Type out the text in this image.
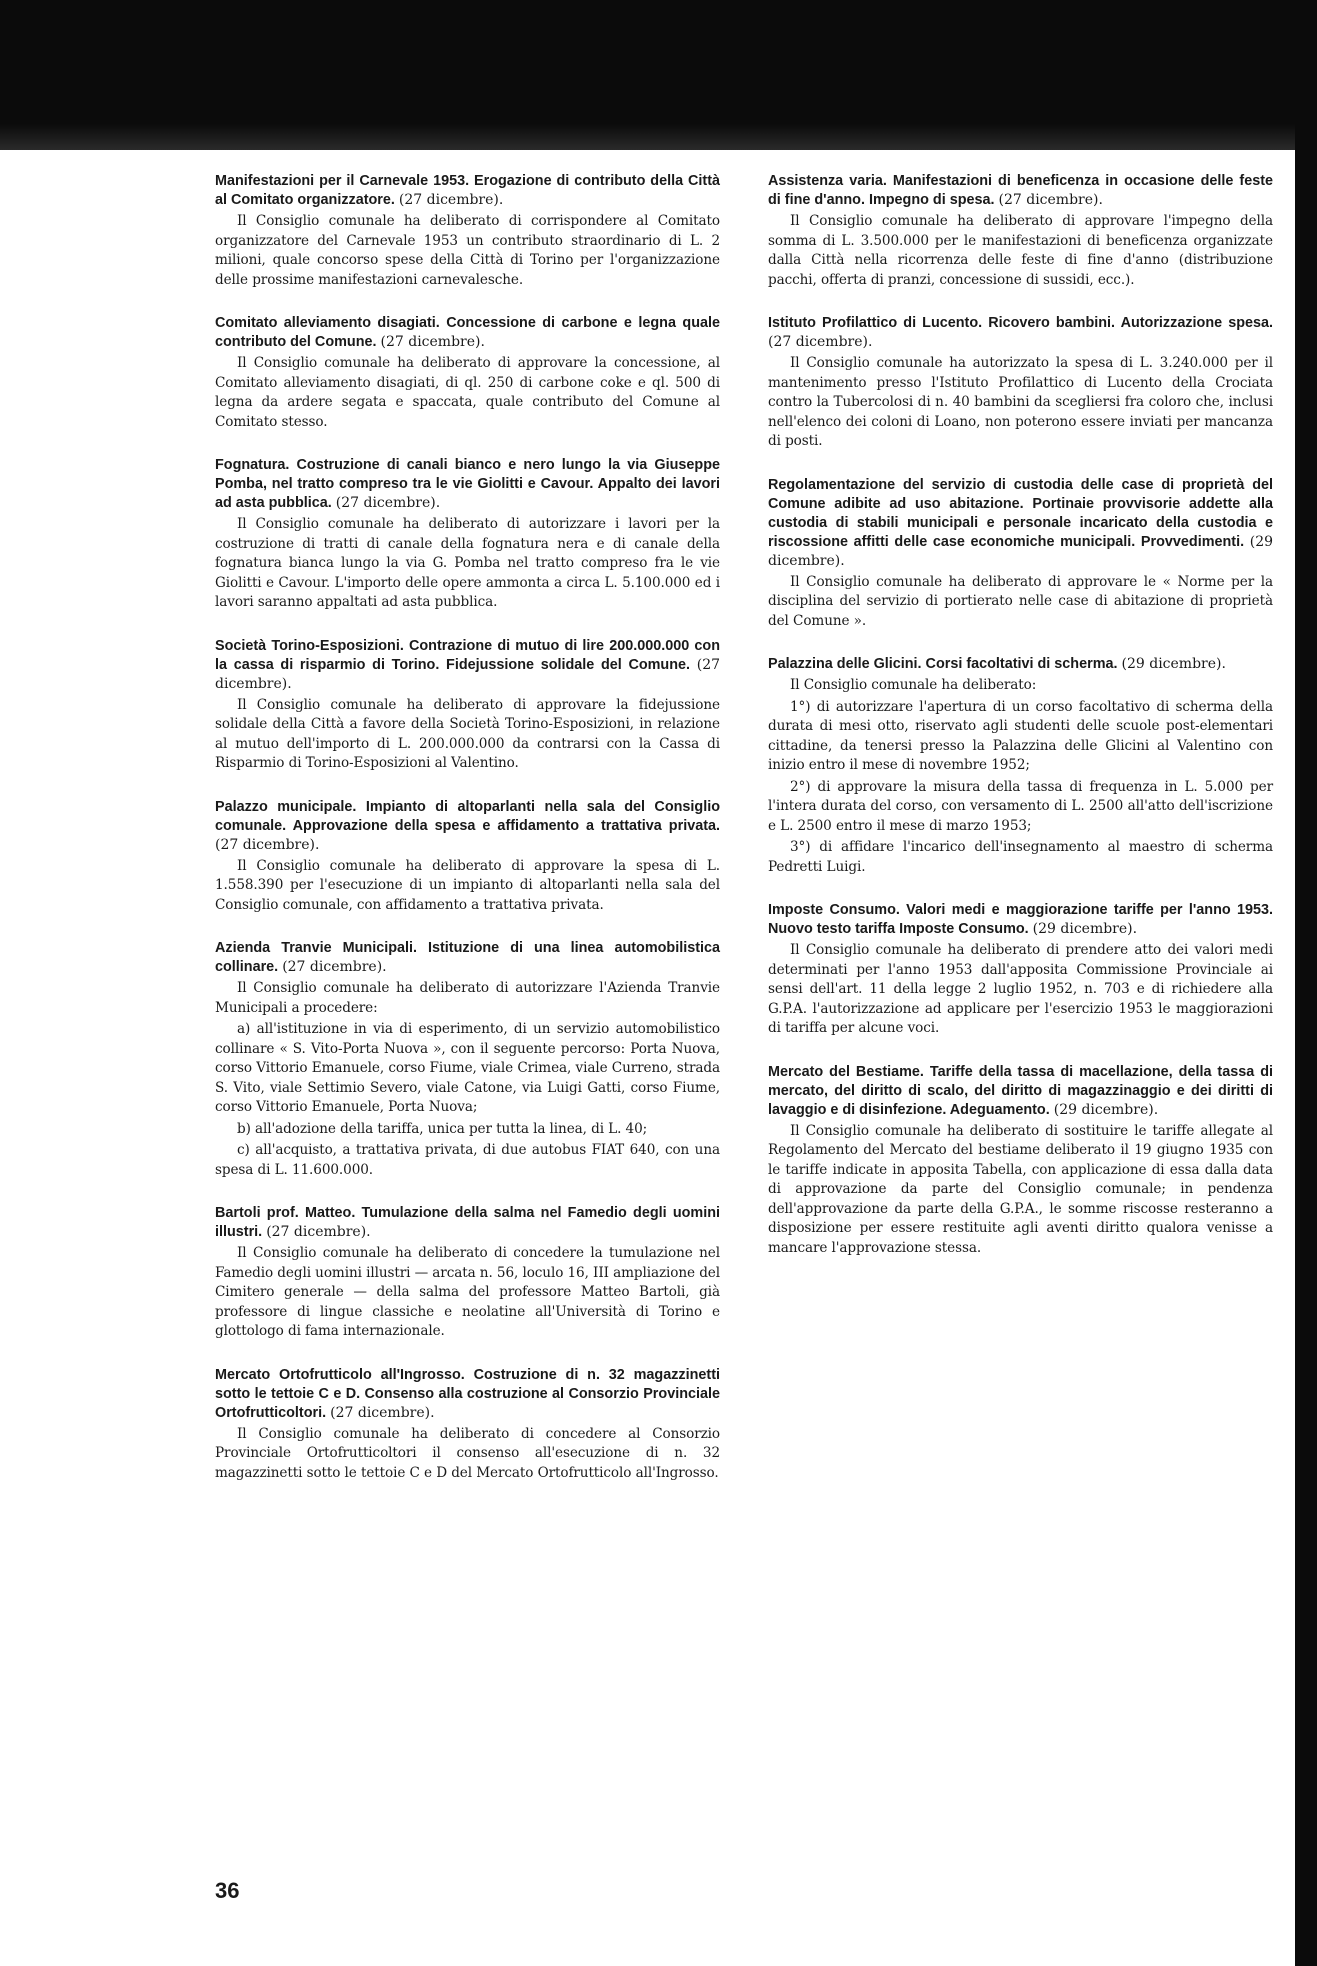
Manifestazioni per il Carnevale 1953. Erogazione di contributo della Città al Comitato organizzatore. (27 dicembre).

Il Consiglio comunale ha deliberato di corrispondere al Comitato organizzatore del Carnevale 1953 un contributo straordinario di L. 2 milioni, quale concorso spese della Città di Torino per l'organizzazione delle prossime manifestazioni carnevalesche.

Comitato alleviamento disagiati. Concessione di carbone e legna quale contributo del Comune. (27 dicembre).

Il Consiglio comunale ha deliberato di approvare la concessione, al Comitato alleviamento disagiati, di ql. 250 di carbone coke e ql. 500 di legna da ardere segata e spaccata, quale contributo del Comune al Comitato stesso.

Fognatura. Costruzione di canali bianco e nero lungo la via Giuseppe Pomba, nel tratto compreso tra le vie Giolitti e Cavour. Appalto dei lavori ad asta pubblica. (27 dicembre).

Il Consiglio comunale ha deliberato di autorizzare i lavori per la costruzione di tratti di canale della fognatura nera e di canale della fognatura bianca lungo la via G. Pomba nel tratto compreso fra le vie Giolitti e Cavour. L'importo delle opere ammonta a circa L. 5.100.000 ed i lavori saranno appaltati ad asta pubblica.

Società Torino-Esposizioni. Contrazione di mutuo di lire 200.000.000 con la cassa di risparmio di Torino. Fidejussione solidale del Comune. (27 dicembre).

Il Consiglio comunale ha deliberato di approvare la fidejussione solidale della Città a favore della Società Torino-Esposizioni, in relazione al mutuo dell'importo di L. 200.000.000 da contrarsi con la Cassa di Risparmio di Torino-Esposizioni al Valentino.

Palazzo municipale. Impianto di altoparlanti nella sala del Consiglio comunale. Approvazione della spesa e affidamento a trattativa privata. (27 dicembre).

Il Consiglio comunale ha deliberato di approvare la spesa di L. 1.558.390 per l'esecuzione di un impianto di altoparlanti nella sala del Consiglio comunale, con affidamento a trattativa privata.

Azienda Tranvie Municipali. Istituzione di una linea automobilistica collinare. (27 dicembre).

Il Consiglio comunale ha deliberato di autorizzare l'Azienda Tranvie Municipali a procedere:

a) all'istituzione in via di esperimento, di un servizio automobilistico collinare « S. Vito-Porta Nuova », con il seguente percorso: Porta Nuova, corso Vittorio Emanuele, corso Fiume, viale Crimea, viale Curreno, strada S. Vito, viale Settimio Severo, viale Catone, via Luigi Gatti, corso Fiume, corso Vittorio Emanuele, Porta Nuova;

b) all'adozione della tariffa, unica per tutta la linea, di L. 40;

c) all'acquisto, a trattativa privata, di due autobus FIAT 640, con una spesa di L. 11.600.000.

Bartoli prof. Matteo. Tumulazione della salma nel Famedio degli uomini illustri. (27 dicembre).

Il Consiglio comunale ha deliberato di concedere la tumulazione nel Famedio degli uomini illustri — arcata n. 56, loculo 16, III ampliazione del Cimitero generale — della salma del professore Matteo Bartoli, già professore di lingue classiche e neolatine all'Università di Torino e glottologo di fama internazionale.

Mercato Ortofrutticolo all'Ingrosso. Costruzione di n. 32 magazzinetti sotto le tettoie C e D. Consenso alla costruzione al Consorzio Provinciale Ortofrutticoltori. (27 dicembre).

Il Consiglio comunale ha deliberato di concedere al Consorzio Provinciale Ortofrutticoltori il consenso all'esecuzione di n. 32 magazzinetti sotto le tettoie C e D del Mercato Ortofrutticolo all'Ingrosso.

Assistenza varia. Manifestazioni di beneficenza in occasione delle feste di fine d'anno. Impegno di spesa. (27 dicembre).

Il Consiglio comunale ha deliberato di approvare l'impegno della somma di L. 3.500.000 per le manifestazioni di beneficenza organizzate dalla Città nella ricorrenza delle feste di fine d'anno (distribuzione pacchi, offerta di pranzi, concessione di sussidi, ecc.).

Istituto Profilattico di Lucento. Ricovero bambini. Autorizzazione spesa. (27 dicembre).

Il Consiglio comunale ha autorizzato la spesa di L. 3.240.000 per il mantenimento presso l'Istituto Profilattico di Lucento della Crociata contro la Tubercolosi di n. 40 bambini da scegliersi fra coloro che, inclusi nell'elenco dei coloni di Loano, non poterono essere inviati per mancanza di posti.

Regolamentazione del servizio di custodia delle case di proprietà del Comune adibite ad uso abitazione. Portinaie provvisorie addette alla custodia di stabili municipali e personale incaricato della custodia e riscossione affitti delle case economiche municipali. Provvedimenti. (29 dicembre).

Il Consiglio comunale ha deliberato di approvare le « Norme per la disciplina del servizio di portierato nelle case di abitazione di proprietà del Comune ».

Palazzina delle Glicini. Corsi facoltativi di scherma. (29 dicembre).

Il Consiglio comunale ha deliberato:

1°) di autorizzare l'apertura di un corso facoltativo di scherma della durata di mesi otto, riservato agli studenti delle scuole post-elementari cittadine, da tenersi presso la Palazzina delle Glicini al Valentino con inizio entro il mese di novembre 1952;

2°) di approvare la misura della tassa di frequenza in L. 5.000 per l'intera durata del corso, con versamento di L. 2500 all'atto dell'iscrizione e L. 2500 entro il mese di marzo 1953;

3°) di affidare l'incarico dell'insegnamento al maestro di scherma Pedretti Luigi.

Imposte Consumo. Valori medi e maggiorazione tariffe per l'anno 1953. Nuovo testo tariffa Imposte Consumo. (29 dicembre).

Il Consiglio comunale ha deliberato di prendere atto dei valori medi determinati per l'anno 1953 dall'apposita Commissione Provinciale ai sensi dell'art. 11 della legge 2 luglio 1952, n. 703 e di richiedere alla G.P.A. l'autorizzazione ad applicare per l'esercizio 1953 le maggiorazioni di tariffa per alcune voci.

Mercato del Bestiame. Tariffe della tassa di macellazione, della tassa di mercato, del diritto di scalo, del diritto di magazzinaggio e dei diritti di lavaggio e di disinfezione. Adeguamento. (29 dicembre).

Il Consiglio comunale ha deliberato di sostituire le tariffe allegate al Regolamento del Mercato del bestiame deliberato il 19 giugno 1935 con le tariffe indicate in apposita Tabella, con applicazione di essa dalla data di approvazione da parte del Consiglio comunale; in pendenza dell'approvazione da parte della G.P.A., le somme riscosse resteranno a disposizione per essere restituite agli aventi diritto qualora venisse a mancare l'approvazione stessa.

36
